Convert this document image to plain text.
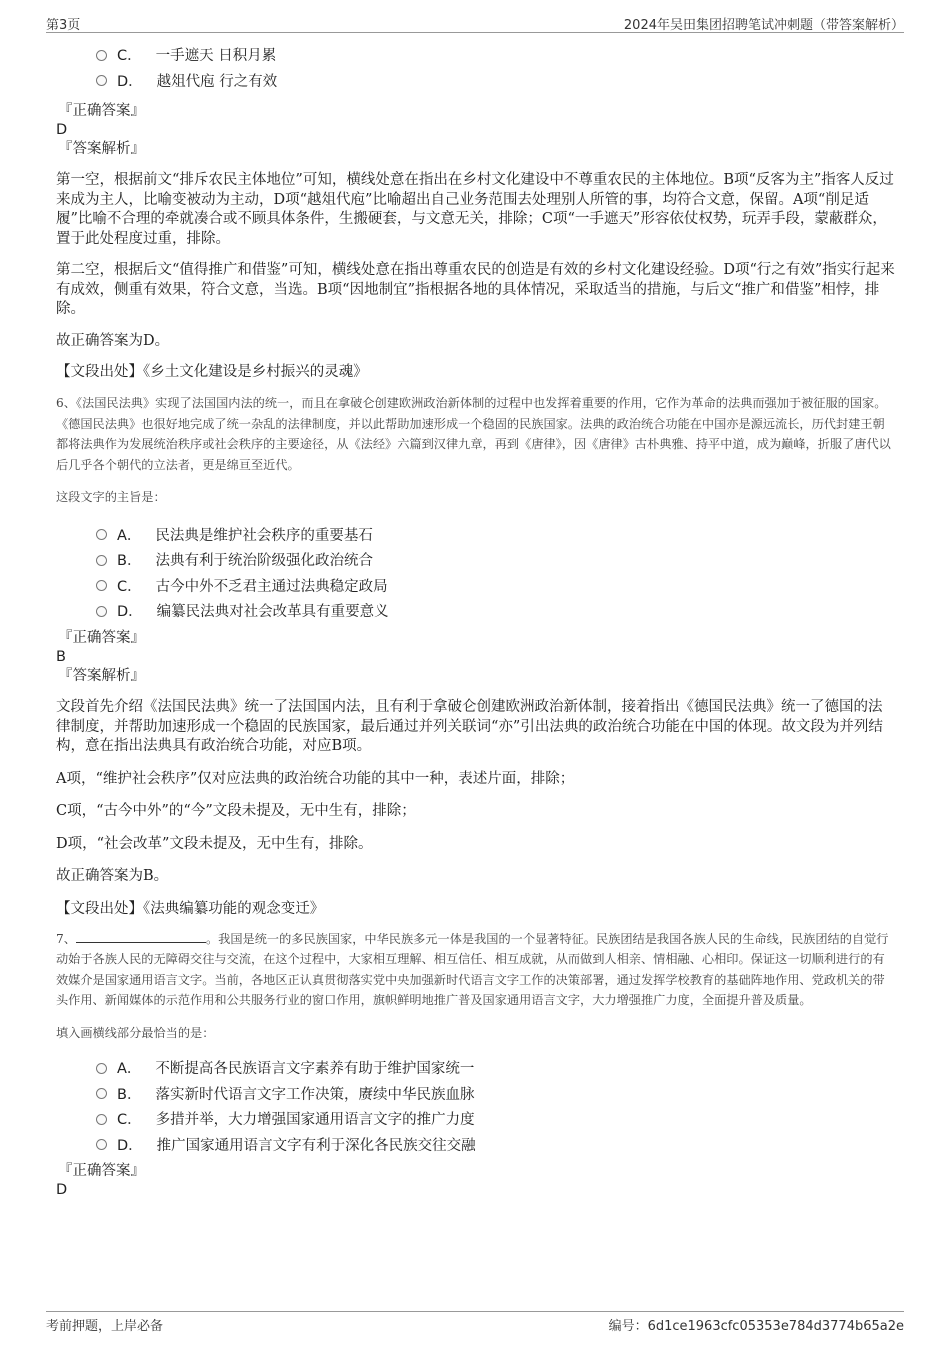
第3页	2024年吴田集团招聘笔试冲刺题（带答案解析）
C． 一手遮天 日积月累
D． 越俎代庖 行之有效
『正确答案』
D
『答案解析』

第一空，根据前文“排斥农民主体地位”可知，横线处意在指出在乡村文化建设中不尊重农民的主体地位。B项“反客为主”指客人反过来成为主人，比喻变被动为主动，D项“越俎代庖”比喻超出自己业务范围去处理别人所管的事，均符合文意，保留。A项“削足适履”比喻不合理的牵就凑合或不顾具体条件，生搬硬套，与文意无关，排除；C项“一手遮天”形容依仗权势，玩弄手段，蒙蔽群众，置于此处程度过重，排除。

第二空，根据后文“值得推广和借鉴”可知，横线处意在指出尊重农民的创造是有效的乡村文化建设经验。D项“行之有效”指实行起来有成效，侧重有效果，符合文意，当选。B项“因地制宜”指根据各地的具体情况，采取适当的措施，与后文“推广和借鉴”相悖，排除。

故正确答案为D。

【文段出处】《乡土文化建设是乡村振兴的灵魂》

6、《法国民法典》实现了法国国内法的统一，而且在拿破仑创建欧洲政治新体制的过程中也发挥着重要的作用，它作为革命的法典而强加于被征服的国家。《德国民法典》也很好地完成了统一杂乱的法律制度，并以此帮助加速形成一个稳固的民族国家。法典的政治统合功能在中国亦是源远流长，历代封建王朝都将法典作为发展统治秩序或社会秩序的主要途径，从《法经》六篇到汉律九章，再到《唐律》，因《唐律》古朴典雅、持平中道，成为巅峰，折服了唐代以后几乎各个朝代的立法者，更是绵亘至近代。

这段文字的主旨是：

A． 民法典是维护社会秩序的重要基石
B． 法典有利于统治阶级强化政治统合
C． 古今中外不乏君主通过法典稳定政局
D． 编纂民法典对社会改革具有重要意义
『正确答案』
B
『答案解析』

文段首先介绍《法国民法典》统一了法国国内法，且有利于拿破仑创建欧洲政治新体制，接着指出《德国民法典》统一了德国的法律制度，并帮助加速形成一个稳固的民族国家，最后通过并列关联词“亦”引出法典的政治统合功能在中国的体现。故文段为并列结构，意在指出法典具有政治统合功能，对应B项。

A项，“维护社会秩序”仅对应法典的政治统合功能的其中一种，表述片面，排除；

C项，“古今中外”的“今”文段未提及，无中生有，排除；

D项，“社会改革”文段未提及，无中生有，排除。

故正确答案为B。

【文段出处】《法典编纂功能的观念变迁》

7、	。我国是统一的多民族国家，中华民族多元一体是我国的一个显著特征。民族团结是我国各族人民的生命线，民族团结的自觉行动始于各族人民的无障碍交往与交流，在这个过程中，大家相互理解、相互信任、相互成就，从而做到人相亲、情相融、心相印。保证这一切顺利进行的有效媒介是国家通用语言文字。当前，各地区正认真贯彻落实党中央加强新时代语言文字工作的决策部署，通过发挥学校教育的基础阵地作用、党政机关的带头作用、新闻媒体的示范作用和公共服务行业的窗口作用，旗帜鲜明地推广普及国家通用语言文字，大力增强推广力度，全面提升普及质量。

填入画横线部分最恰当的是：

A． 不断提高各民族语言文字素养有助于维护国家统一
B． 落实新时代语言文字工作决策，赓续中华民族血脉
C． 多措并举，大力增强国家通用语言文字的推广力度
D． 推广国家通用语言文字有利于深化各民族交往交融
『正确答案』
D
考前押题，上岸必备	编号：6d1ce1963cfc05353e784d3774b65a2e
